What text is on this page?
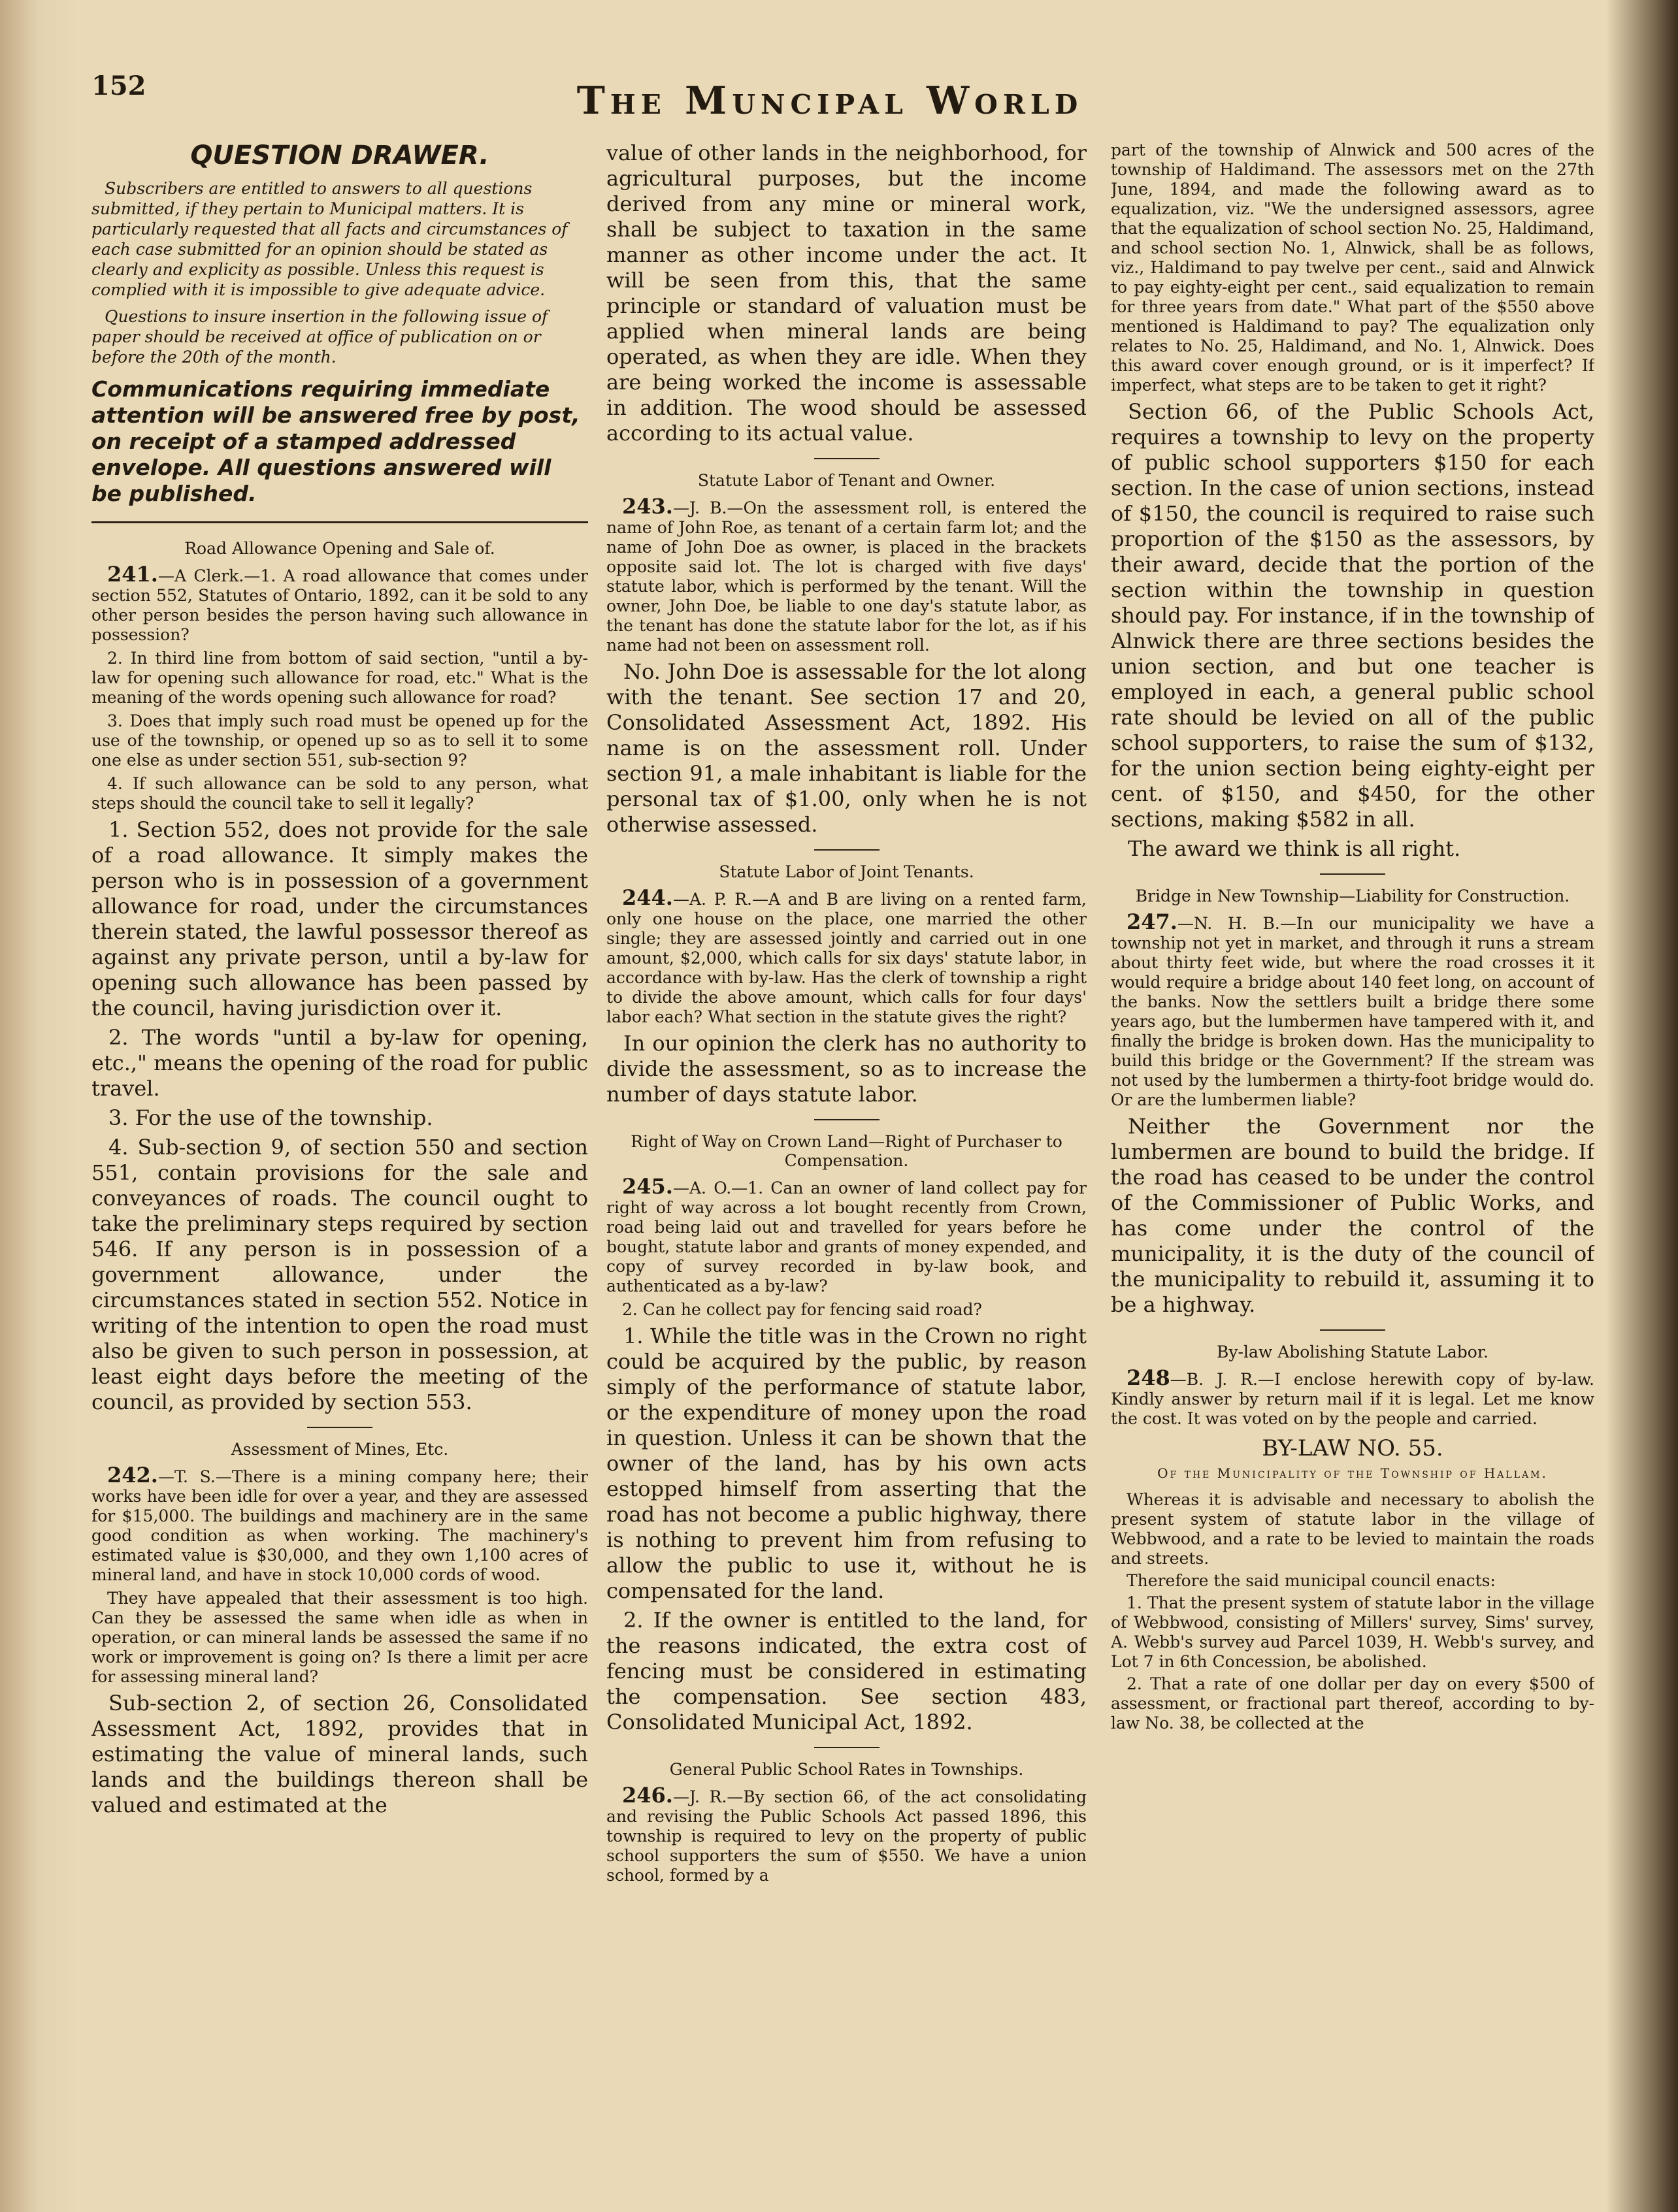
152	The Muncipal World
QUESTION DRAWER.

Subscribers are entitled to answers to all questions submitted, if they pertain to Municipal matters. It is particularly requested that all facts and circumstances of each case submitted for an opinion should be stated as clearly and explicity as possible. Unless this request is complied with it is impossible to give adequate advice.

Questions to insure insertion in the following issue of paper should be received at office of publication on or before the 20th of the month.

Communications requiring immediate attention will be answered free by post, on receipt of a stamped addressed envelope. All questions answered will be published.
Road Allowance Opening and Sale of.

241.—A Clerk.—1. A road allowance that comes under section 552, Statutes of Ontario, 1892, can it be sold to any other person besides the person having such allowance in possession?

2. In third line from bottom of said section, "until a by-law for opening such allowance for road, etc." What is the meaning of the words opening such allowance for road?

3. Does that imply such road must be opened up for the use of the township, or opened up so as to sell it to some one else as under section 551, sub-section 9?

4. If such allowance can be sold to any person, what steps should the council take to sell it legally?

1. Section 552, does not provide for the sale of a road allowance. It simply makes the person who is in possession of a government allowance for road, under the circumstances therein stated, the lawful possessor thereof as against any private person, until a by-law for opening such allowance has been passed by the council, having jurisdiction over it.

2. The words "until a by-law for opening, etc.," means the opening of the road for public travel.

3. For the use of the township.

4. Sub-section 9, of section 550 and section 551, contain provisions for the sale and conveyances of roads. The council ought to take the preliminary steps required by section 546. If any person is in possession of a government allowance, under the circumstances stated in section 552. Notice in writing of the intention to open the road must also be given to such person in possession, at least eight days before the meeting of the council, as provided by section 553.

Assessment of Mines, Etc.

242.—T. S.—There is a mining company here; their works have been idle for over a year, and they are assessed for $15,000. The buildings and machinery are in the same good condition as when working. The machinery's estimated value is $30,000, and they own 1,100 acres of mineral land, and have in stock 10,000 cords of wood.

They have appealed that their assessment is too high. Can they be assessed the same when idle as when in operation, or can mineral lands be assessed the same if no work or improvement is going on? Is there a limit per acre for assessing mineral land?

Sub-section 2, of section 26, Consolidated Assessment Act, 1892, provides that in estimating the value of mineral lands, such lands and the buildings thereon shall be valued and estimated at the

value of other lands in the neighborhood, for agricultural purposes, but the income derived from any mine or mineral work, shall be subject to taxation in the same manner as other income under the act. It will be seen from this, that the same principle or standard of valuation must be applied when mineral lands are being operated, as when they are idle. When they are being worked the income is assessable in addition. The wood should be assessed according to its actual value.

Statute Labor of Tenant and Owner.

243.—J. B.—On the assessment roll, is entered the name of John Roe, as tenant of a certain farm lot; and the name of John Doe as owner, is placed in the brackets opposite said lot. The lot is charged with five days' statute labor, which is performed by the tenant. Will the owner, John Doe, be liable to one day's statute labor, as the tenant has done the statute labor for the lot, as if his name had not been on assessment roll.

No. John Doe is assessable for the lot along with the tenant. See section 17 and 20, Consolidated Assessment Act, 1892. His name is on the assessment roll. Under section 91, a male inhabitant is liable for the personal tax of $1.00, only when he is not otherwise assessed.

Statute Labor of Joint Tenants.

244.—A. P. R.—A and B are living on a rented farm, only one house on the place, one married the other single; they are assessed jointly and carried out in one amount, $2,000, which calls for six days' statute labor, in accordance with by-law. Has the clerk of township a right to divide the above amount, which calls for four days' labor each? What section in the statute gives the right?

In our opinion the clerk has no authority to divide the assessment, so as to increase the number of days statute labor.

Right of Way on Crown Land—Right of Purchaser to Compensation.

245.—A. O.—1. Can an owner of land collect pay for right of way across a lot bought recently from Crown, road being laid out and travelled for years before he bought, statute labor and grants of money expended, and copy of survey recorded in by-law book, and authenticated as a by-law?

2. Can he collect pay for fencing said road?

1. While the title was in the Crown no right could be acquired by the public, by reason simply of the performance of statute labor, or the expenditure of money upon the road in question. Unless it can be shown that the owner of the land, has by his own acts estopped himself from asserting that the road has not become a public highway, there is nothing to prevent him from refusing to allow the public to use it, without he is compensated for the land.

2. If the owner is entitled to the land, for the reasons indicated, the extra cost of fencing must be considered in estimating the compensation. See section 483, Consolidated Municipal Act, 1892.

General Public School Rates in Townships.

246.—J. R.—By section 66, of the act consolidating and revising the Public Schools Act passed 1896, this township is required to levy on the property of public school supporters the sum of $550. We have a union school, formed by a

part of the township of Alnwick and 500 acres of the township of Haldimand. The assessors met on the 27th June, 1894, and made the following award as to equalization, viz. "We the undersigned assessors, agree that the equalization of school section No. 25, Haldimand, and school section No. 1, Alnwick, shall be as follows, viz., Haldimand to pay twelve per cent., said and Alnwick to pay eighty-eight per cent., said equalization to remain for three years from date." What part of the $550 above mentioned is Haldimand to pay? The equalization only relates to No. 25, Haldimand, and No. 1, Alnwick. Does this award cover enough ground, or is it imperfect? If imperfect, what steps are to be taken to get it right?

Section 66, of the Public Schools Act, requires a township to levy on the property of public school supporters $150 for each section. In the case of union sections, instead of $150, the council is required to raise such proportion of the $150 as the assessors, by their award, decide that the portion of the section within the township in question should pay. For instance, if in the township of Alnwick there are three sections besides the union section, and but one teacher is employed in each, a general public school rate should be levied on all of the public school supporters, to raise the sum of $132, for the union section being eighty-eight per cent. of $150, and $450, for the other sections, making $582 in all.

The award we think is all right.

Bridge in New Township—Liability for Construction.

247.—N. H. B.—In our municipality we have a township not yet in market, and through it runs a stream about thirty feet wide, but where the road crosses it it would require a bridge about 140 feet long, on account of the banks. Now the settlers built a bridge there some years ago, but the lumbermen have tampered with it, and finally the bridge is broken down. Has the municipality to build this bridge or the Government? If the stream was not used by the lumbermen a thirty-foot bridge would do. Or are the lumbermen liable?

Neither the Government nor the lumbermen are bound to build the bridge. If the road has ceased to be under the control of the Commissioner of Public Works, and has come under the control of the municipality, it is the duty of the council of the municipality to rebuild it, assuming it to be a highway.

By-law Abolishing Statute Labor.

248—B. J. R.—I enclose herewith copy of by-law. Kindly answer by return mail if it is legal. Let me know the cost. It was voted on by the people and carried.

BY-LAW NO. 55.
Of the Municipality of the Township of Hallam.

Whereas it is advisable and necessary to abolish the present system of statute labor in the village of Webbwood, and a rate to be levied to maintain the roads and streets.

Therefore the said municipal council enacts:

1. That the present system of statute labor in the village of Webbwood, consisting of Millers' survey, Sims' survey, A. Webb's survey aud Parcel 1039, H. Webb's survey, and Lot 7 in 6th Concession, be abolished.

2. That a rate of one dollar per day on every $500 of assessment, or fractional part thereof, according to by-law No. 38, be collected at the
